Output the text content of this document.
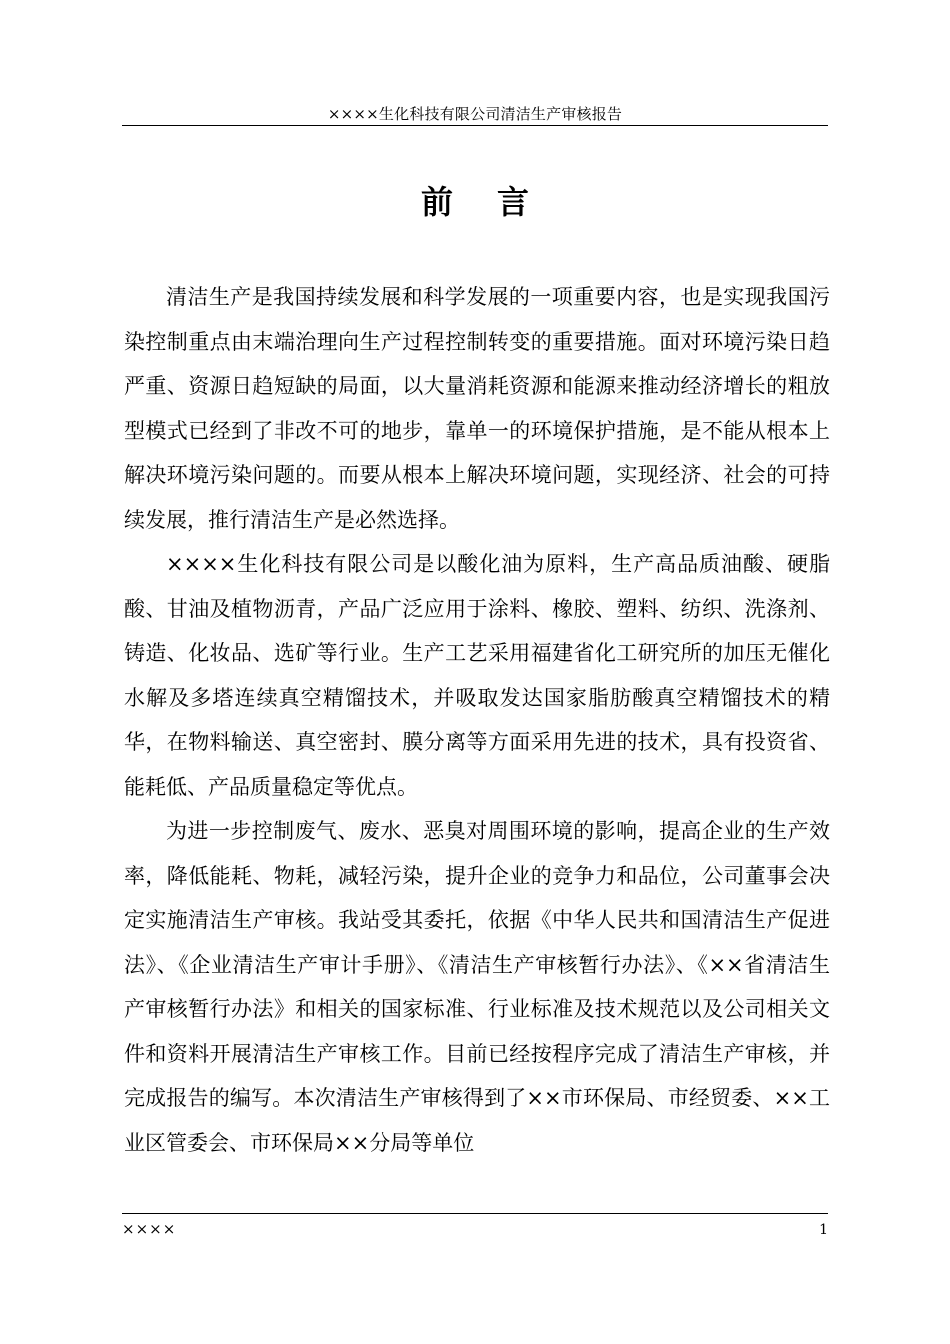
××××生化科技有限公司清洁生产审核报告
前言

清洁生产是我国持续发展和科学发展的一项重要内容，也是实现我国污染控制重点由末端治理向生产过程控制转变的重要措施。面对环境污染日趋严重、资源日趋短缺的局面，以大量消耗资源和能源来推动经济增长的粗放型模式已经到了非改不可的地步，靠单一的环境保护措施，是不能从根本上解决环境污染问题的。而要从根本上解决环境问题，实现经济、社会的可持续发展，推行清洁生产是必然选择。

××××生化科技有限公司是以酸化油为原料，生产高品质油酸、硬脂酸、甘油及植物沥青，产品广泛应用于涂料、橡胶、塑料、纺织、洗涤剂、铸造、化妆品、选矿等行业。生产工艺采用福建省化工研究所的加压无催化水解及多塔连续真空精馏技术，并吸取发达国家脂肪酸真空精馏技术的精华，在物料输送、真空密封、膜分离等方面采用先进的技术，具有投资省、能耗低、产品质量稳定等优点。

为进一步控制废气、废水、恶臭对周围环境的影响，提高企业的生产效率，降低能耗、物耗，减轻污染，提升企业的竞争力和品位，公司董事会决定实施清洁生产审核。我站受其委托，依据《中华人民共和国清洁生产促进法》、《企业清洁生产审计手册》、《清洁生产审核暂行办法》、《××省清洁生产审核暂行办法》和相关的国家标准、行业标准及技术规范以及公司相关文件和资料开展清洁生产审核工作。目前已经按程序完成了清洁生产审核，并完成报告的编写。本次清洁生产审核得到了××市环保局、市经贸委、××工业区管委会、市环保局××分局等单位

××××	1
